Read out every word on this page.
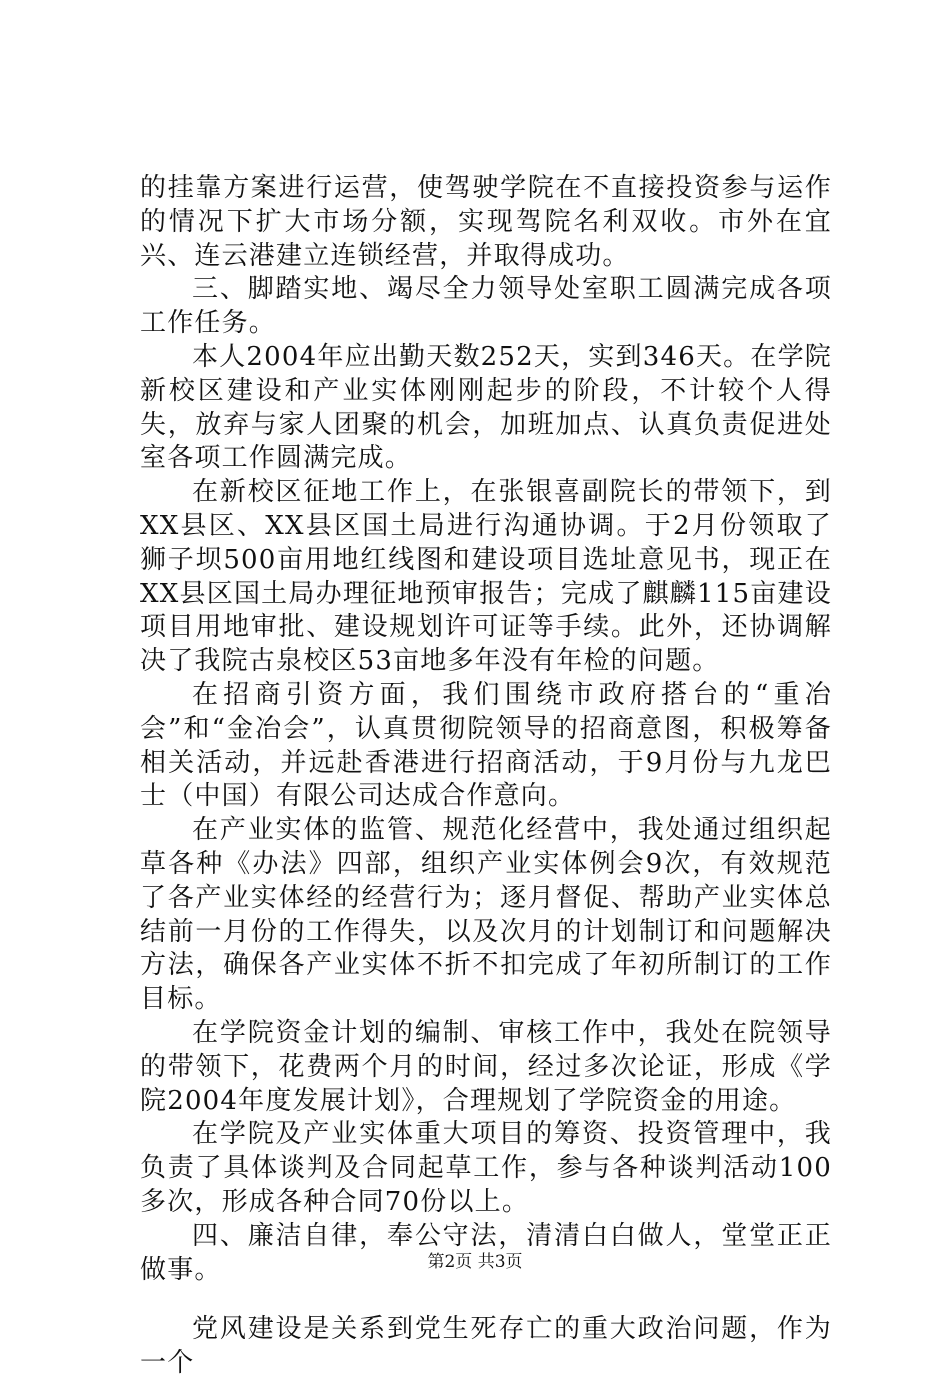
的挂靠方案进行运营，使驾驶学院在不直接投资参与运作的情况下扩大市场分额，实现驾院名利双收。市外在宜兴、连云港建立连锁经营，并取得成功。

三、脚踏实地、竭尽全力领导处室职工圆满完成各项工作任务。

本人2004年应出勤天数252天，实到346天。在学院新校区建设和产业实体刚刚起步的阶段，不计较个人得失，放弃与家人团聚的机会，加班加点、认真负责促进处室各项工作圆满完成。

在新校区征地工作上，在张银喜副院长的带领下，到XX县区、XX县区国土局进行沟通协调。于2月份领取了狮子坝500亩用地红线图和建设项目选址意见书，现正在XX县区国土局办理征地预审报告；完成了麒麟115亩建设项目用地审批、建设规划许可证等手续。此外，还协调解决了我院古泉校区53亩地多年没有年检的问题。

在招商引资方面，我们围绕市政府搭台的“重冶会”和“金冶会”，认真贯彻院领导的招商意图，积极筹备相关活动，并远赴香港进行招商活动，于9月份与九龙巴士（中国）有限公司达成合作意向。

在产业实体的监管、规范化经营中，我处通过组织起草各种《办法》四部，组织产业实体例会9次，有效规范了各产业实体经的经营行为；逐月督促、帮助产业实体总结前一月份的工作得失，以及次月的计划制订和问题解决方法，确保各产业实体不折不扣完成了年初所制订的工作目标。

在学院资金计划的编制、审核工作中，我处在院领导的带领下，花费两个月的时间，经过多次论证，形成《学院2004年度发展计划》，合理规划了学院资金的用途。

在学院及产业实体重大项目的筹资、投资管理中，我负责了具体谈判及合同起草工作，参与各种谈判活动100多次，形成各种合同70份以上。

四、廉洁自律，奉公守法，清清白白做人，堂堂正正做事。

党风建设是关系到党生死存亡的重大政治问题，作为一个

第2页 共3页
